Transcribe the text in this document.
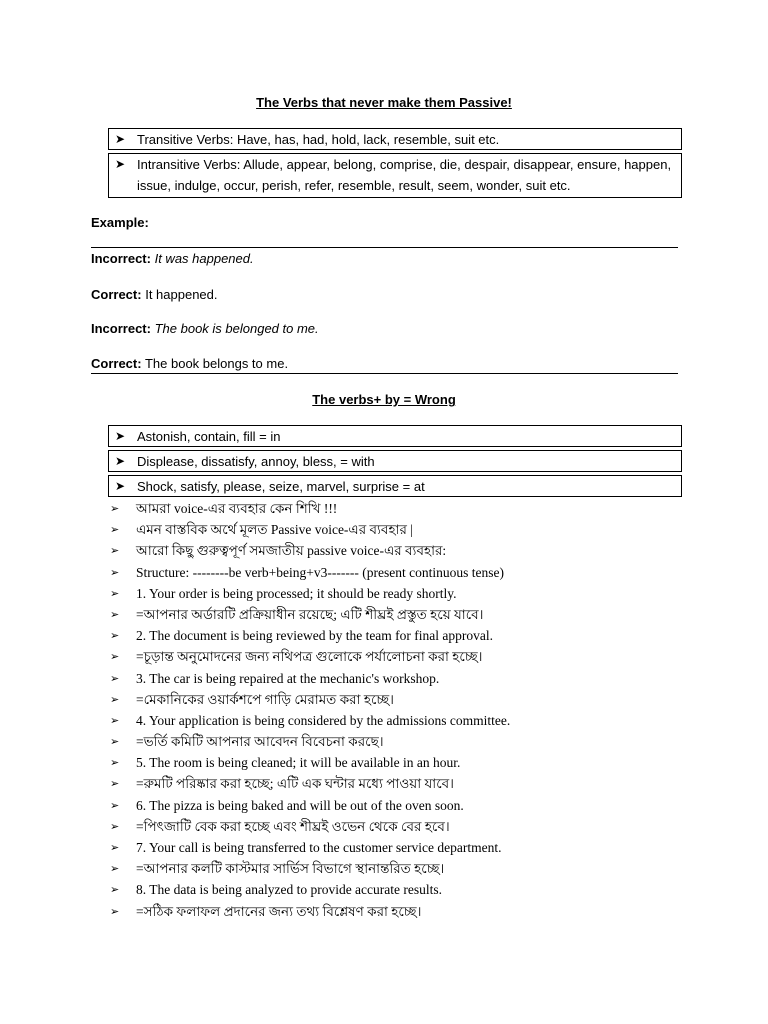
The Verbs that never make them Passive!
➤ Transitive Verbs: Have, has, had, hold, lack, resemble, suit etc.
➤ Intransitive Verbs: Allude, appear, belong, comprise, die, despair, disappear, ensure, happen, issue, indulge, occur, perish, refer, resemble, result, seem, wonder, suit etc.
Example:
Incorrect: It was happened.
Correct: It happened.
Incorrect: The book is belonged to me.
Correct: The book belongs to me.
The verbs+ by = Wrong
➤ Astonish, contain, fill = in
➤ Displease, dissatisfy, annoy, bless, = with
➤ Shock, satisfy, please, seize, marvel, surprise = at
➢ আমরা voice-এর ব্যবহার কেন শিখি !!!
➢ এমন বাস্তবিক অর্থে মূলত Passive voice-এর ব্যবহার |
➢ আরো কিছু গুরুত্বপূর্ণ সমজাতীয় passive voice-এর ব্যবহার:
➢ Structure: --------be verb+being+v3------- (present continuous tense)
➢ 1. Your order is being processed; it should be ready shortly.
➢ =আপনার অর্ডারটি প্রক্রিয়াধীন রয়েছে; এটি শীঘ্রই প্রস্তুত হয়ে যাবে।
➢ 2. The document is being reviewed by the team for final approval.
➢ =চূড়ান্ত অনুমোদনের জন্য নথিপত্র গুলোকে পর্যালোচনা করা হচ্ছে।
➢ 3. The car is being repaired at the mechanic's workshop.
➢ =মেকানিকের ওয়ার্কশপে গাড়ি মেরামত করা হচ্ছে।
➢ 4. Your application is being considered by the admissions committee.
➢ =ভর্তি কমিটি আপনার আবেদন বিবেচনা করছে।
➢ 5. The room is being cleaned; it will be available in an hour.
➢ =রুমটি পরিষ্কার করা হচ্ছে; এটি এক ঘন্টার মধ্যে পাওয়া যাবে।
➢ 6. The pizza is being baked and will be out of the oven soon.
➢ =পিৎজাটি বেক করা হচ্ছে এবং শীঘ্রই ওভেন থেকে বের হবে।
➢ 7. Your call is being transferred to the customer service department.
➢ =আপনার কলটি কাস্টমার সার্ভিস বিভাগে স্থানান্তরিত হচ্ছে।
➢ 8. The data is being analyzed to provide accurate results.
➢ =সঠিক ফলাফল প্রদানের জন্য তথ্য বিশ্লেষণ করা হচ্ছে।
